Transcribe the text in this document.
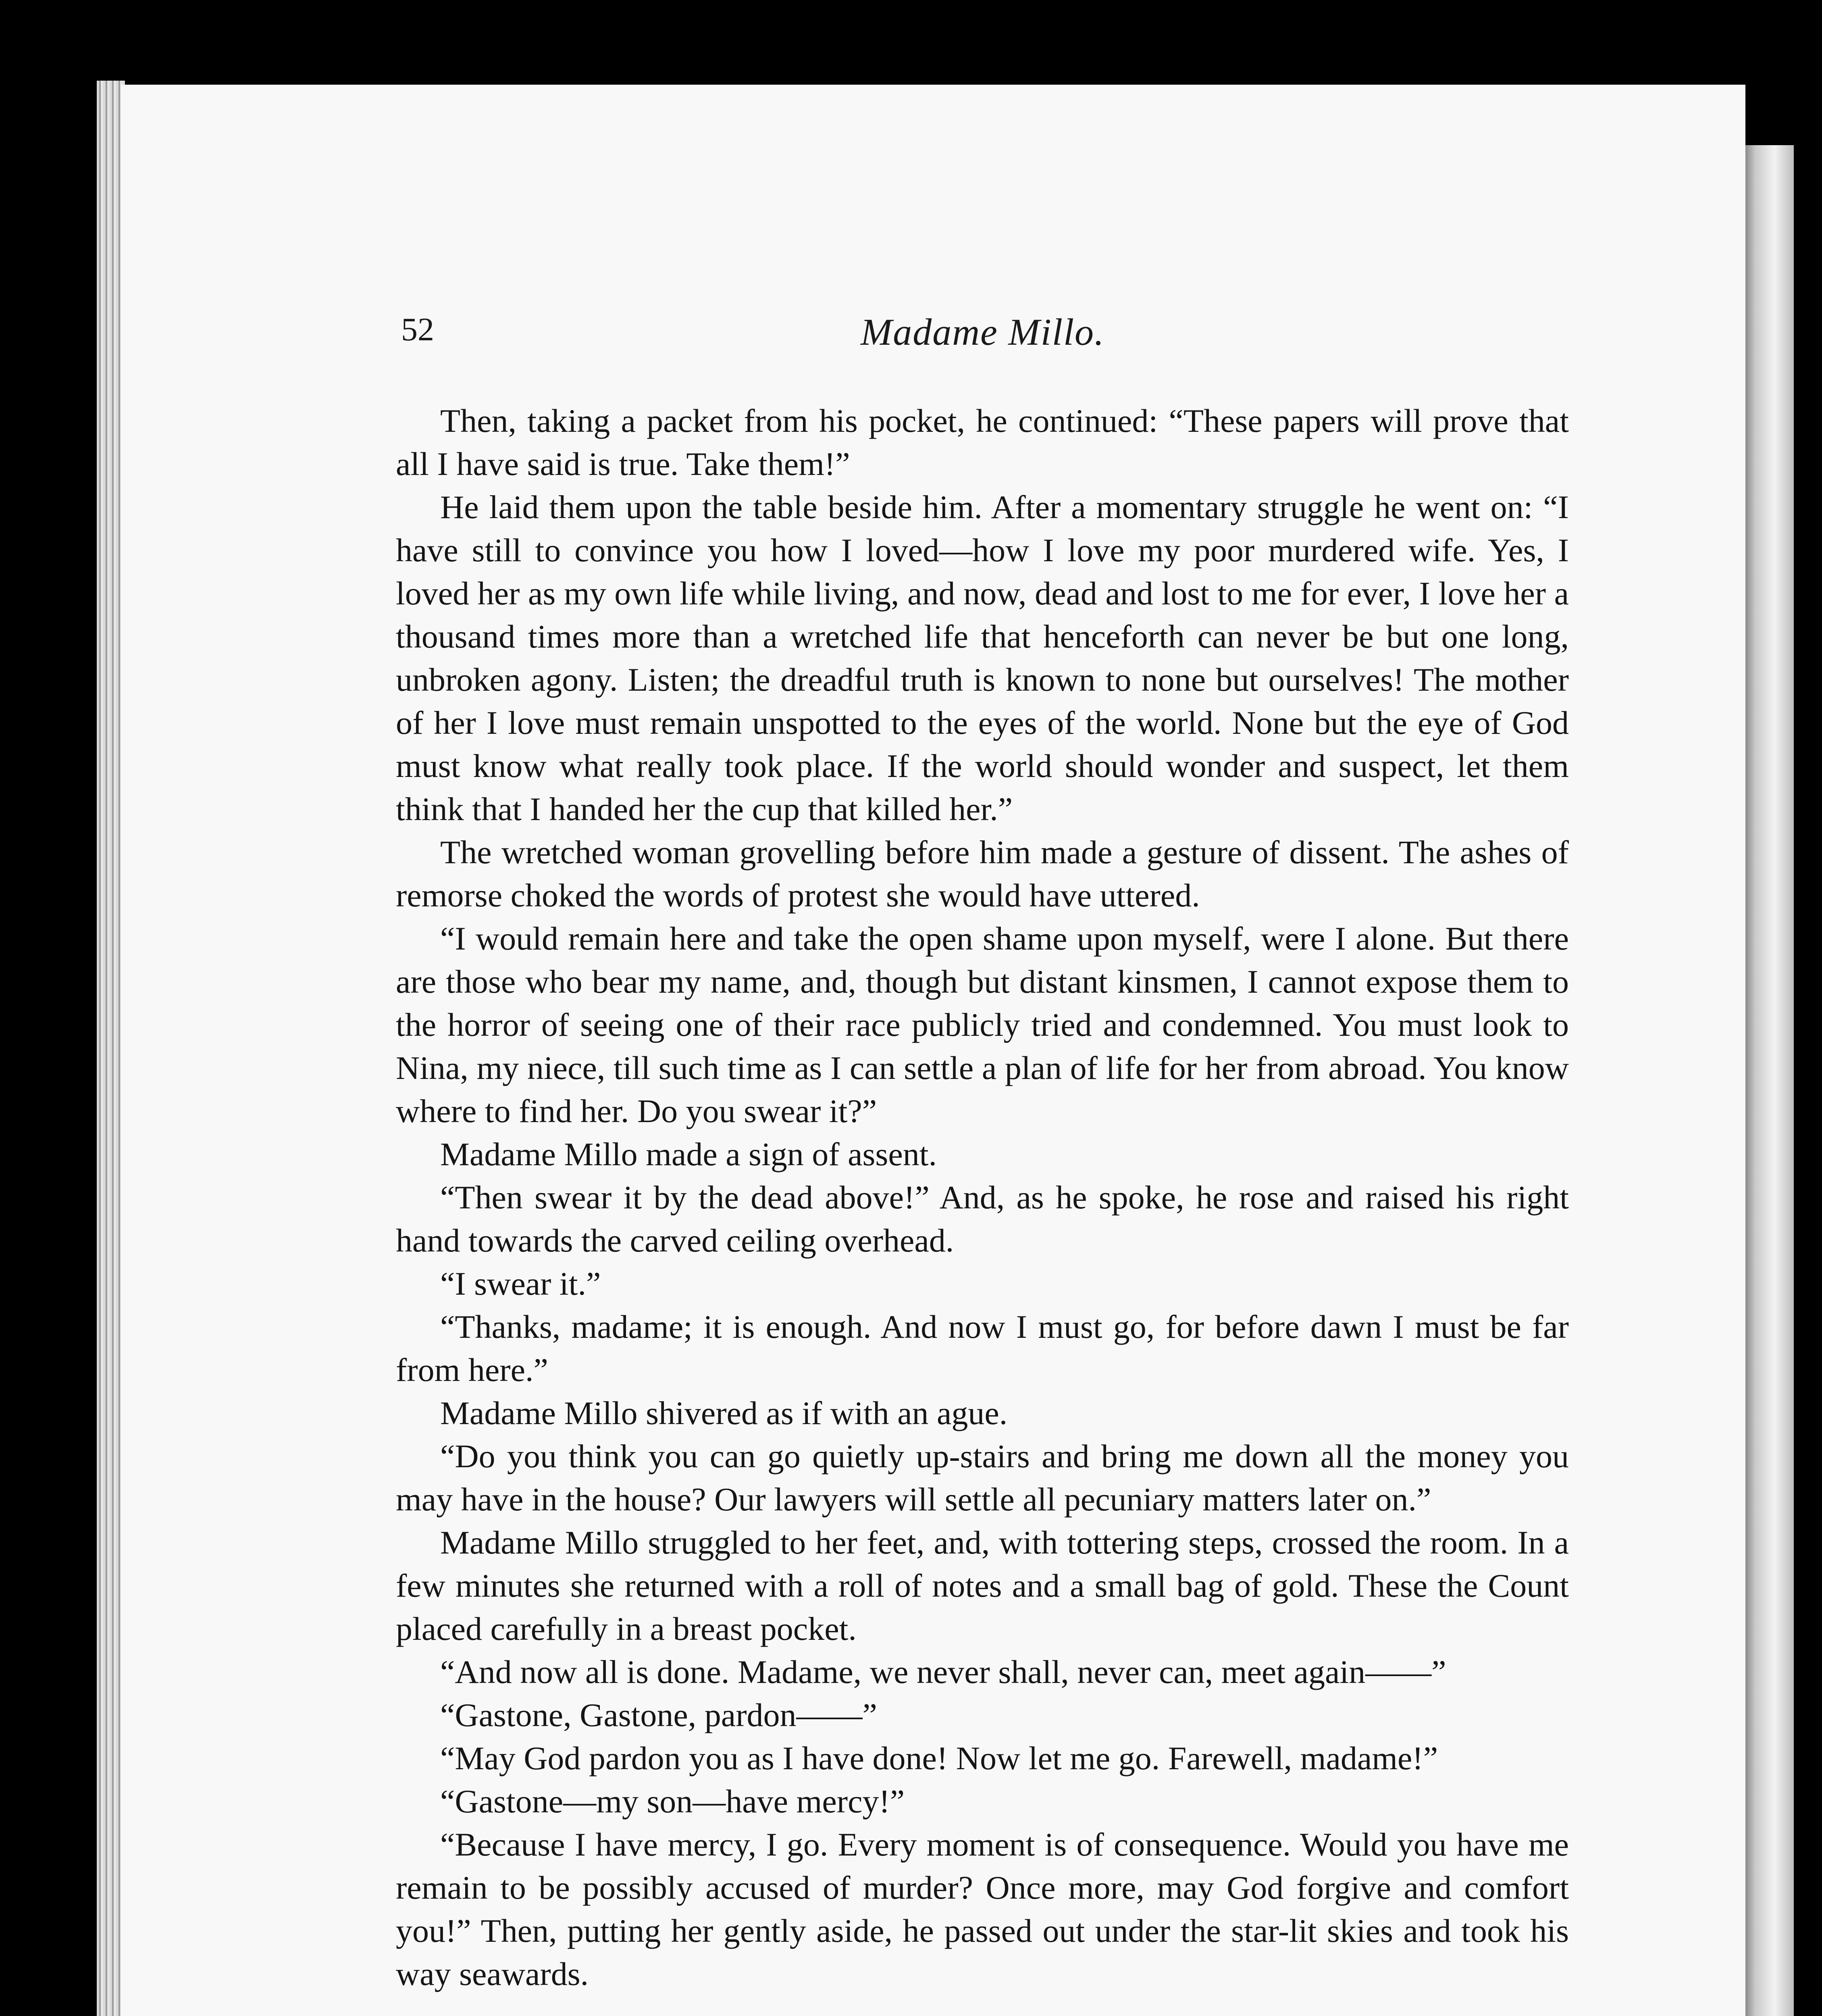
52	Madame Millo.

Then, taking a packet from his pocket, he continued: “These papers will prove that all I have said is true. Take them!”

He laid them upon the table beside him. After a momentary struggle he went on: “I have still to convince you how I loved—how I love my poor murdered wife. Yes, I loved her as my own life while living, and now, dead and lost to me for ever, I love her a thousand times more than a wretched life that henceforth can never be but one long, unbroken agony. Listen; the dreadful truth is known to none but ourselves! The mother of her I love must remain unspotted to the eyes of the world. None but the eye of God must know what really took place. If the world should wonder and suspect, let them think that I handed her the cup that killed her.”

The wretched woman grovelling before him made a gesture of dissent. The ashes of remorse choked the words of protest she would have uttered.

“I would remain here and take the open shame upon myself, were I alone. But there are those who bear my name, and, though but distant kinsmen, I cannot expose them to the horror of seeing one of their race publicly tried and condemned. You must look to Nina, my niece, till such time as I can settle a plan of life for her from abroad. You know where to find her. Do you swear it?”

Madame Millo made a sign of assent.

“Then swear it by the dead above!” And, as he spoke, he rose and raised his right hand towards the carved ceiling overhead.

“I swear it.”

“Thanks, madame; it is enough. And now I must go, for before dawn I must be far from here.”

Madame Millo shivered as if with an ague.

“Do you think you can go quietly up-stairs and bring me down all the money you may have in the house? Our lawyers will settle all pecuniary matters later on.”

Madame Millo struggled to her feet, and, with tottering steps, crossed the room. In a few minutes she returned with a roll of notes and a small bag of gold. These the Count placed carefully in a breast pocket.

“And now all is done. Madame, we never shall, never can, meet again——”

“Gastone, Gastone, pardon——”

“May God pardon you as I have done! Now let me go. Farewell, madame!”

“Gastone—my son—have mercy!”

“Because I have mercy, I go. Every moment is of consequence. Would you have me remain to be possibly accused of murder? Once more, may God forgive and comfort you!” Then, putting her gently aside, he passed out under the star-lit skies and took his way seawards.
